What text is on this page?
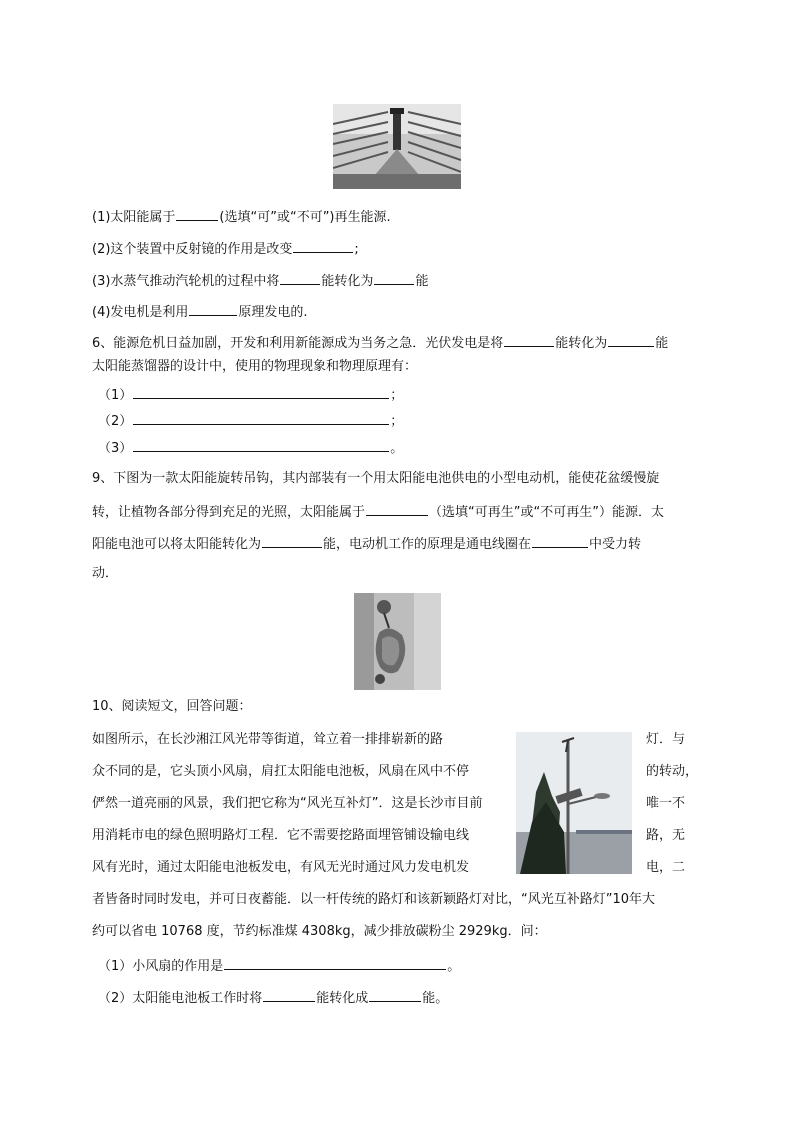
(1)太阳能属于	(选填“可”或“不可”)再生能源.
(2)这个装置中反射镜的作用是改变	;
(3)水蒸气推动汽轮机的过程中将	能转化为	能
(4)发电机是利用	原理发电的.
6、能源危机日益加剧，开发和利用新能源成为当务之急．光伏发电是将	能转化为	能
太阳能蒸馏器的设计中，使用的物理现象和物理原理有：
（1）	；
（2）	；
（3）	。
9、下图为一款太阳能旋转吊钩，其内部装有一个用太阳能电池供电的小型电动机，能使花盆缓慢旋
转，让植物各部分得到充足的光照，太阳能属于	（选填“可再生”或“不可再生”）能源．太
阳能电池可以将太阳能转化为	能，电动机工作的原理是通电线圈在	中受力转
动．
10、阅读短文，回答问题：
如图所示，在长沙湘江风光带等街道，耸立着一排排崭新的路	灯．与
众不同的是，它头顶小风扇，肩扛太阳能电池板，风扇在风中不停	的转动，
俨然一道亮丽的风景，我们把它称为“风光互补灯”．这是长沙市目前	唯一不
用消耗市电的绿色照明路灯工程．它不需要挖路面埋管铺设输电线	路，无
风有光时，通过太阳能电池板发电，有风无光时通过风力发电机发	电，二
者皆备时同时发电，并可日夜蓄能．以一杆传统的路灯和该新颖路灯对比，“风光互补路灯”10年大
约可以省电 10768 度，节约标准煤 4308kg，减少排放碳粉尘 2929kg．问：
（1）小风扇的作用是	。
（2）太阳能电池板工作时将	能转化成	能。
